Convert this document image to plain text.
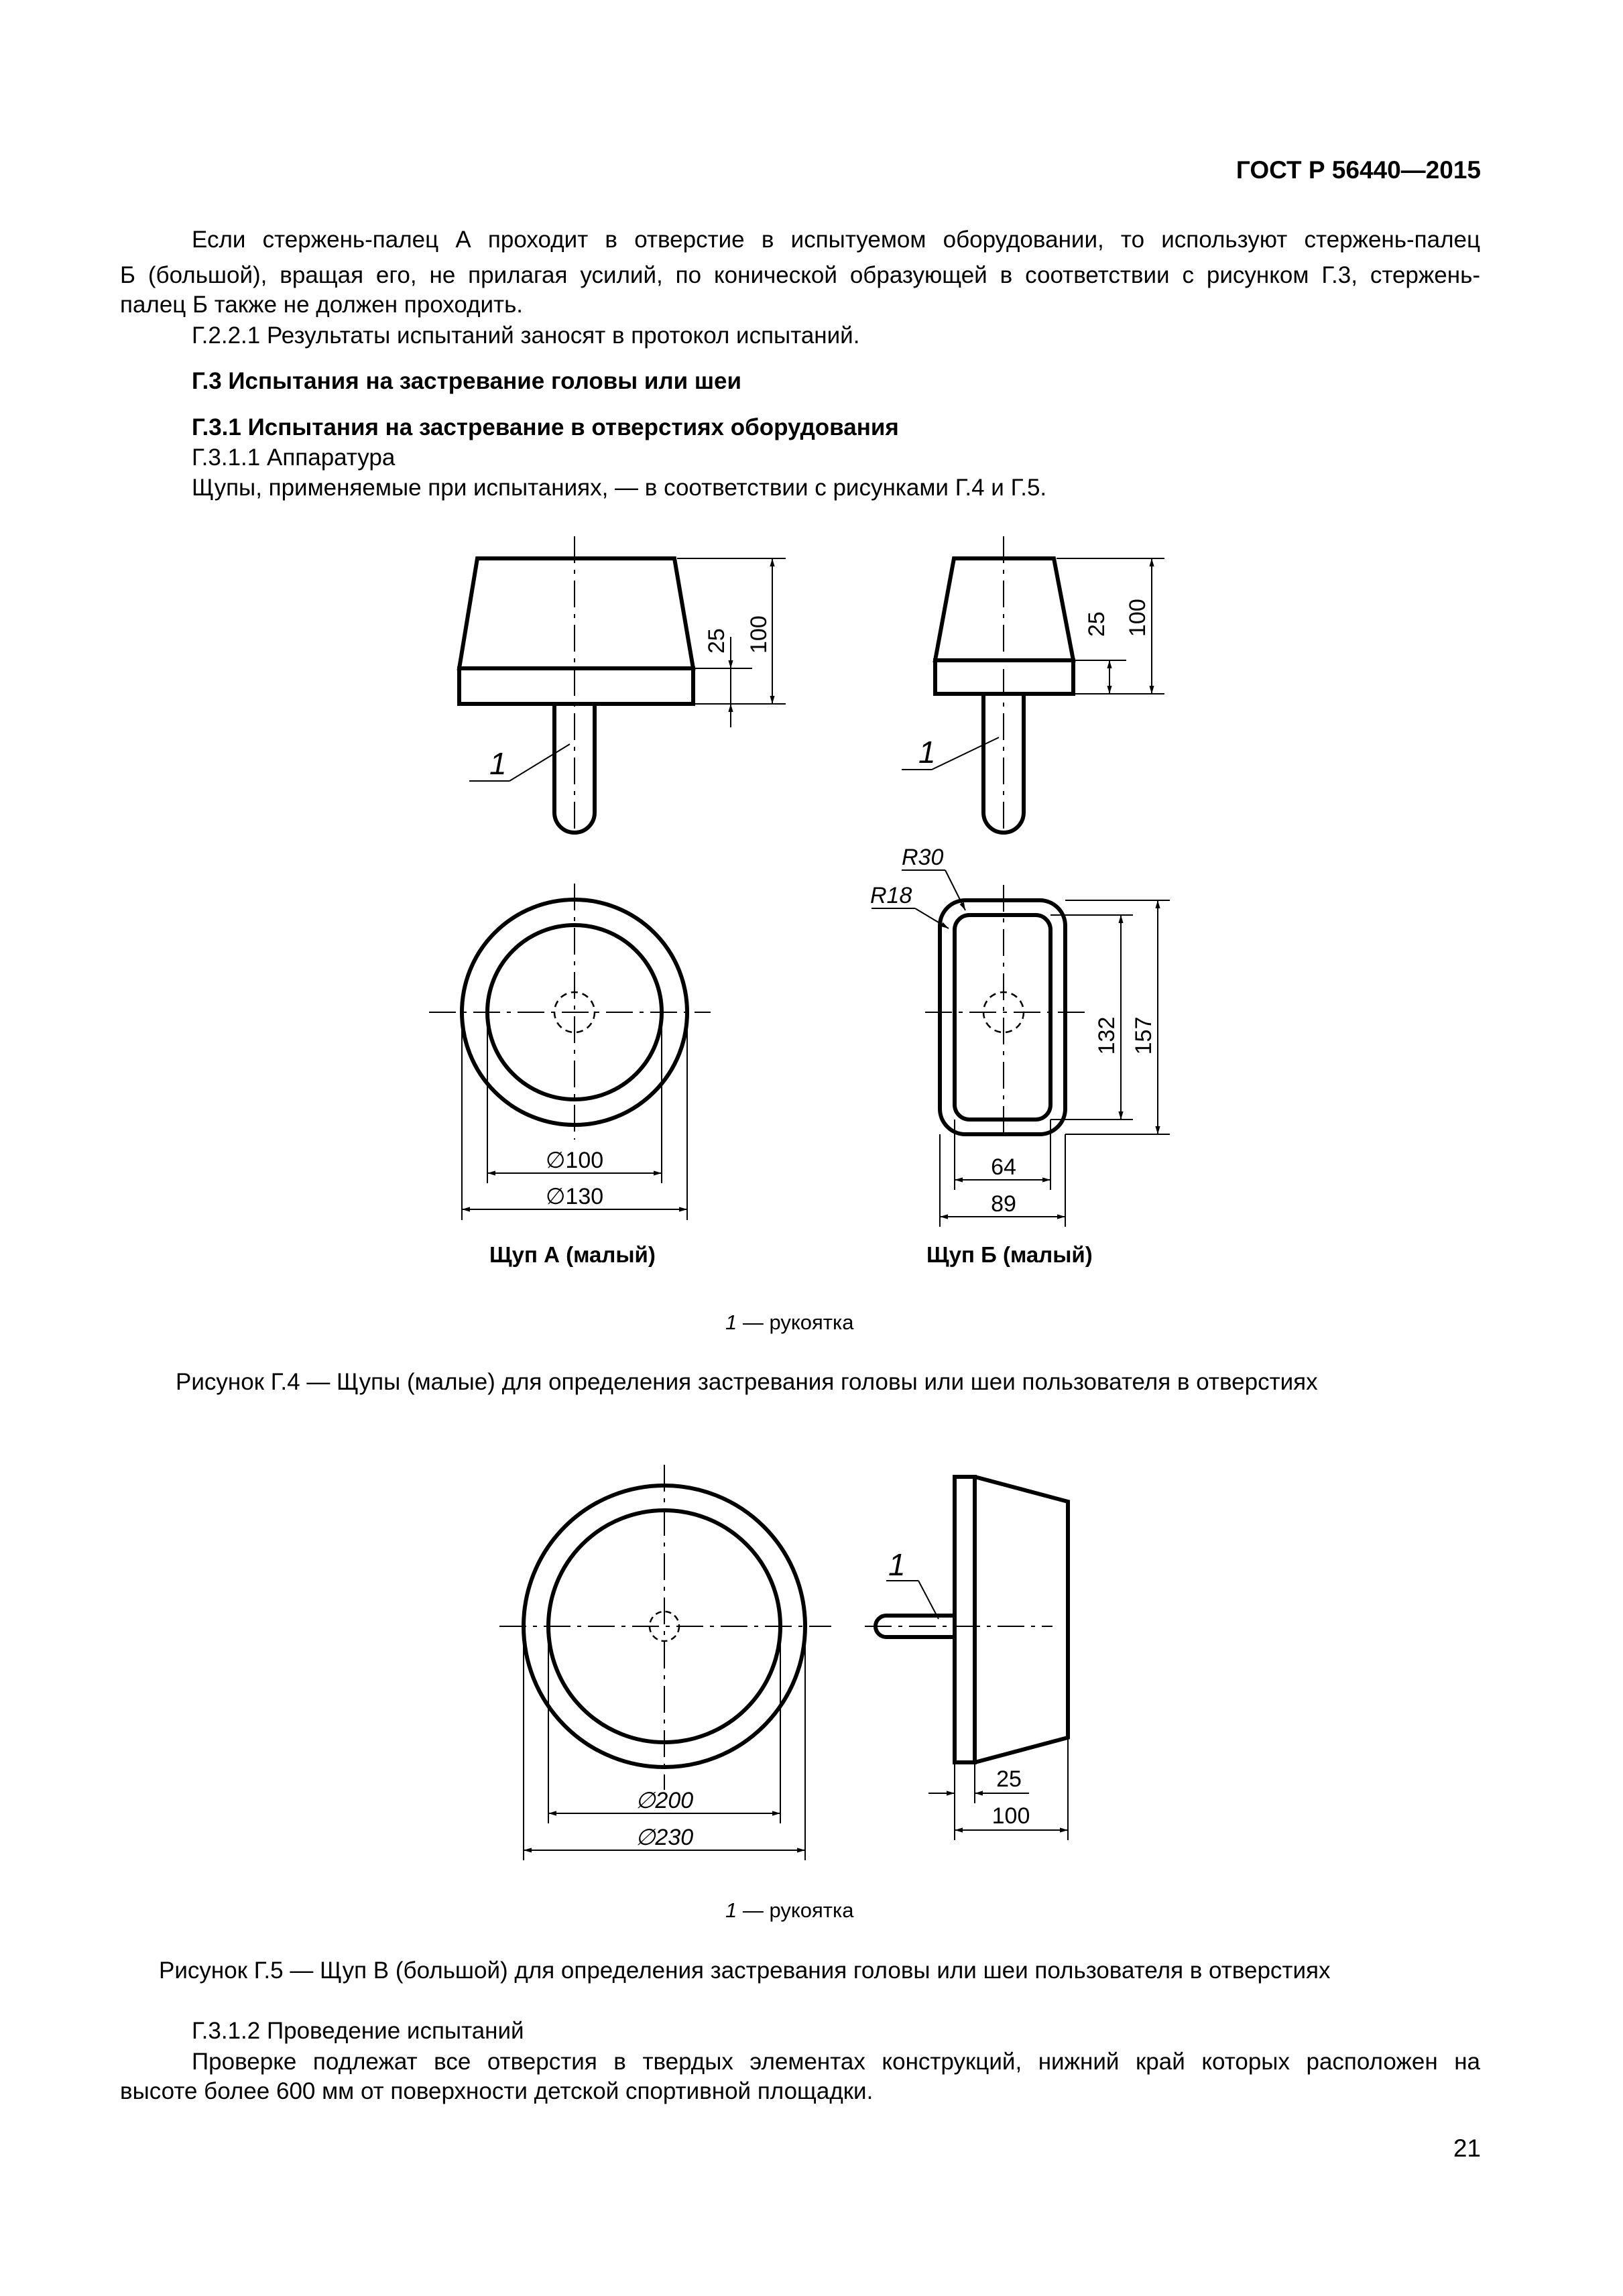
ГОСТ Р 56440—2015
Если стержень-палец А проходит в отверстие в испытуемом оборудовании, то используют стержень-палец
Б (большой), вращая его, не прилагая усилий, по конической образующей в соответствии с рисунком Г.3, стержень-
палец Б также не должен проходить.
Г.2.2.1 Результаты испытаний заносят в протокол испытаний.
Г.3 Испытания на застревание головы или шеи
Г.3.1 Испытания на застревание в отверстиях оборудования
Г.3.1.1 Аппаратура
Щупы, применяемые при испытаниях, — в соответствии с рисунками Г.4 и Г.5.
25 100
1
25 100
1
∅100
∅130
R30
R18
132 157
64
89
∅200
∅230
1
25
100
Щуп А (малый)	Щуп Б (малый)
1 — рукоятка
Рисунок Г.4 — Щупы (малые) для определения застревания головы или шеи пользователя в отверстиях
1 — рукоятка
Рисунок Г.5 — Щуп В (большой) для определения застревания головы или шеи пользователя в отверстиях
Г.3.1.2 Проведение испытаний
Проверке подлежат все отверстия в твердых элементах конструкций, нижний край которых расположен на
высоте более 600 мм от поверхности детской спортивной площадки.
21
